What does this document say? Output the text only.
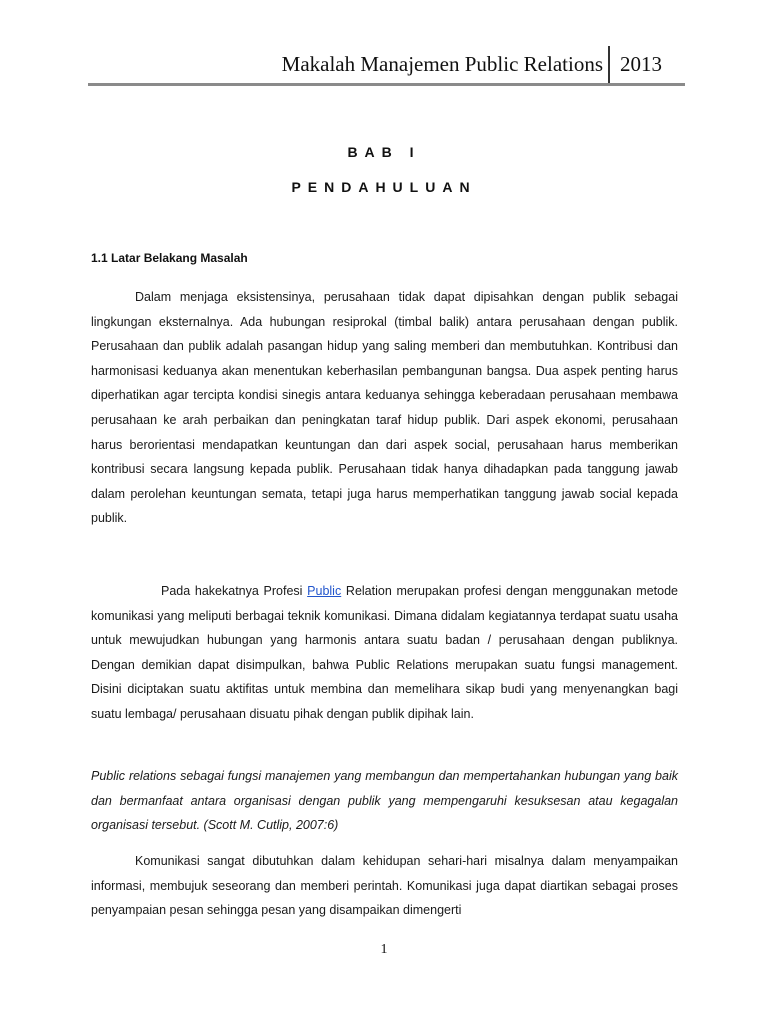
Makalah Manajemen Public Relations 2013
BAB I
PENDAHULUAN
1.1 Latar Belakang Masalah

Dalam menjaga eksistensinya, perusahaan tidak dapat dipisahkan dengan publik sebagai lingkungan eksternalnya. Ada hubungan resiprokal (timbal balik) antara perusahaan dengan publik. Perusahaan dan publik adalah pasangan hidup yang saling memberi dan membutuhkan. Kontribusi dan harmonisasi keduanya akan menentukan keberhasilan pembangunan bangsa. Dua aspek penting harus diperhatikan agar tercipta kondisi sinegis antara keduanya sehingga keberadaan perusahaan membawa perusahaan ke arah perbaikan dan peningkatan taraf hidup publik. Dari aspek ekonomi, perusahaan harus berorientasi mendapatkan keuntungan dan dari aspek social, perusahaan harus memberikan kontribusi secara langsung kepada publik. Perusahaan tidak hanya dihadapkan pada tanggung jawab dalam perolehan keuntungan semata, tetapi juga harus memperhatikan tanggung jawab social kepada publik.

Pada hakekatnya Profesi Public Relation merupakan profesi dengan menggunakan metode komunikasi yang meliputi berbagai teknik komunikasi. Dimana didalam kegiatannya terdapat suatu usaha untuk mewujudkan hubungan yang harmonis antara suatu badan / perusahaan dengan publiknya. Dengan demikian dapat disimpulkan, bahwa Public Relations merupakan suatu fungsi management. Disini diciptakan suatu aktifitas untuk membina dan memelihara sikap budi yang menyenangkan bagi suatu lembaga/ perusahaan disuatu pihak dengan publik dipihak lain.

Public relations sebagai fungsi manajemen yang membangun dan mempertahankan hubungan yang baik dan bermanfaat antara organisasi dengan publik yang mempengaruhi kesuksesan atau kegagalan organisasi tersebut. (Scott M. Cutlip, 2007:6)

Komunikasi sangat dibutuhkan dalam kehidupan sehari-hari misalnya dalam menyampaikan informasi, membujuk seseorang dan memberi perintah. Komunikasi juga dapat diartikan sebagai proses penyampaian pesan sehingga pesan yang disampaikan dimengerti

1
